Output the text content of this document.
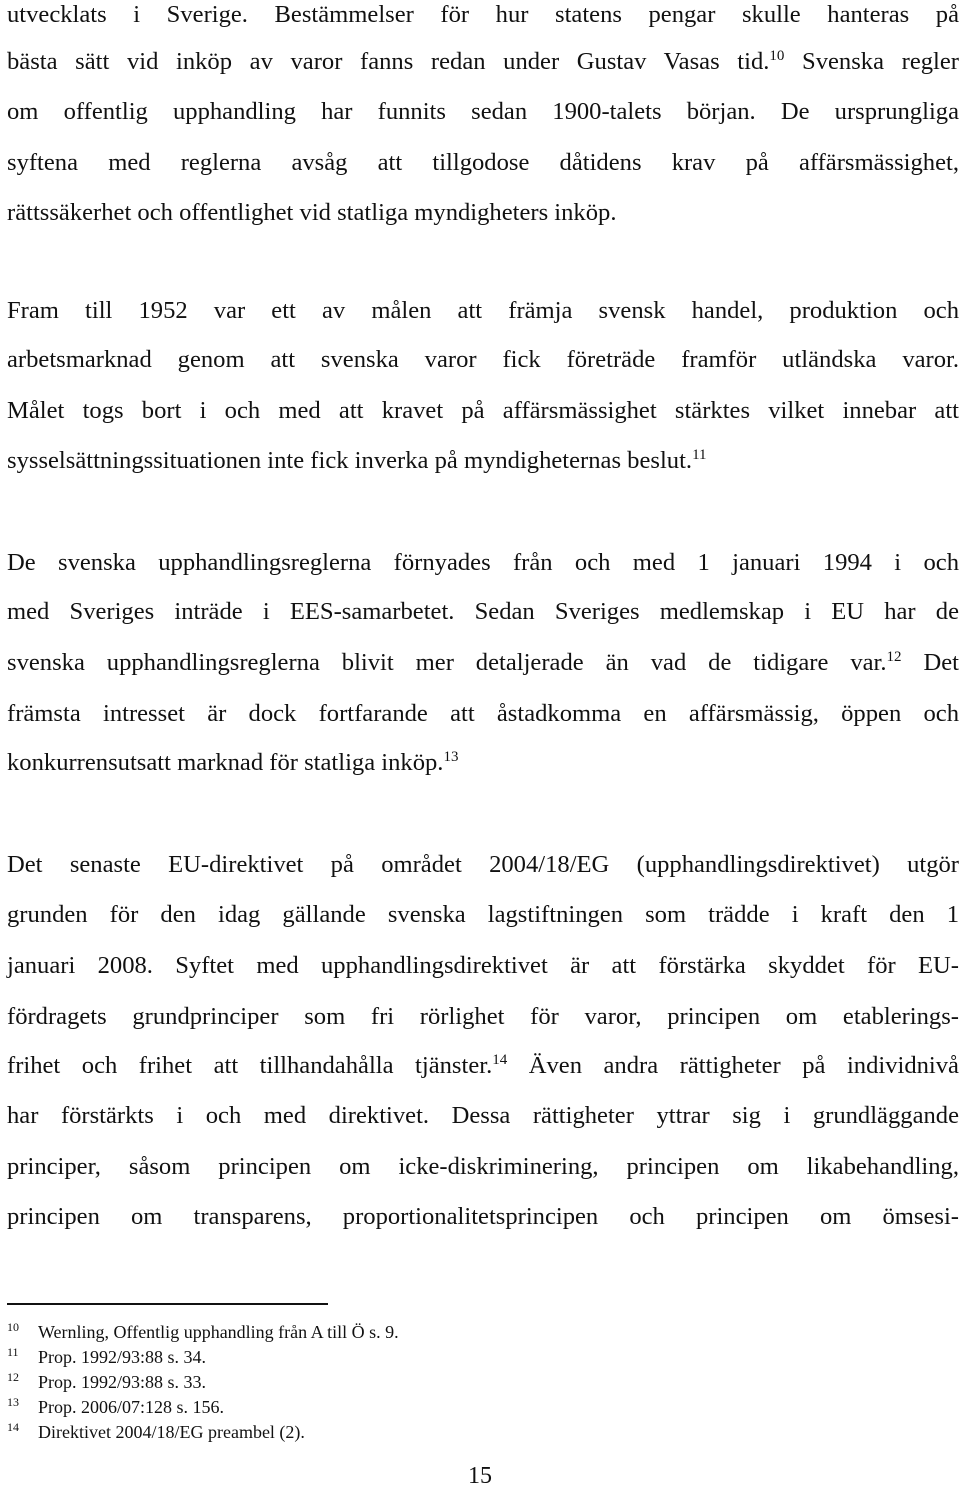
utvecklats i Sverige. Bestämmelser för hur statens pengar skulle hanteras på
bästa sätt vid inköp av varor fanns redan under Gustav Vasas tid.$^{10}$ Svenska regler
om offentlig upphandling har funnits sedan 1900-talets början. De ursprungliga
syftena med reglerna avsåg att tillgodose dåtidens krav på affärsmässighet,
rättssäkerhet och offentlighet vid statliga myndigheters inköp.
Fram till 1952 var ett av målen att främja svensk handel, produktion och
arbetsmarknad genom att svenska varor fick företräde framför utländska varor.
Målet togs bort i och med att kravet på affärsmässighet stärktes vilket innebar att
sysselsättningssituationen inte fick inverka på myndigheternas beslut.$^{11}$
De svenska upphandlingsreglerna förnyades från och med 1 januari 1994 i och
med Sveriges inträde i EES-samarbetet. Sedan Sveriges medlemskap i EU har de
svenska upphandlingsreglerna blivit mer detaljerade än vad de tidigare var.$^{12}$ Det
främsta intresset är dock fortfarande att åstadkomma en affärsmässig, öppen och
konkurrensutsatt marknad för statliga inköp.$^{13}$
Det senaste EU-direktivet på området 2004/18/EG (upphandlingsdirektivet) utgör
grunden för den idag gällande svenska lagstiftningen som trädde i kraft den 1
januari 2008. Syftet med upphandlingsdirektivet är att förstärka skyddet för EU-
fördragets grundprinciper som fri rörlighet för varor, principen om etablerings-
frihet och frihet att tillhandahålla tjänster.$^{14}$ Även andra rättigheter på individnivå
har förstärkts i och med direktivet. Dessa rättigheter yttrar sig i grundläggande
principer, såsom principen om icke-diskriminering, principen om likabehandling,
principen om transparens, proportionalitetsprincipen och principen om ömsesi-
10 Wernling, Offentlig upphandling från A till Ö s. 9.
11 Prop. 1992/93:88 s. 34.
12 Prop. 1992/93:88 s. 33.
13 Prop. 2006/07:128 s. 156.
14 Direktivet 2004/18/EG preambel (2).
15
